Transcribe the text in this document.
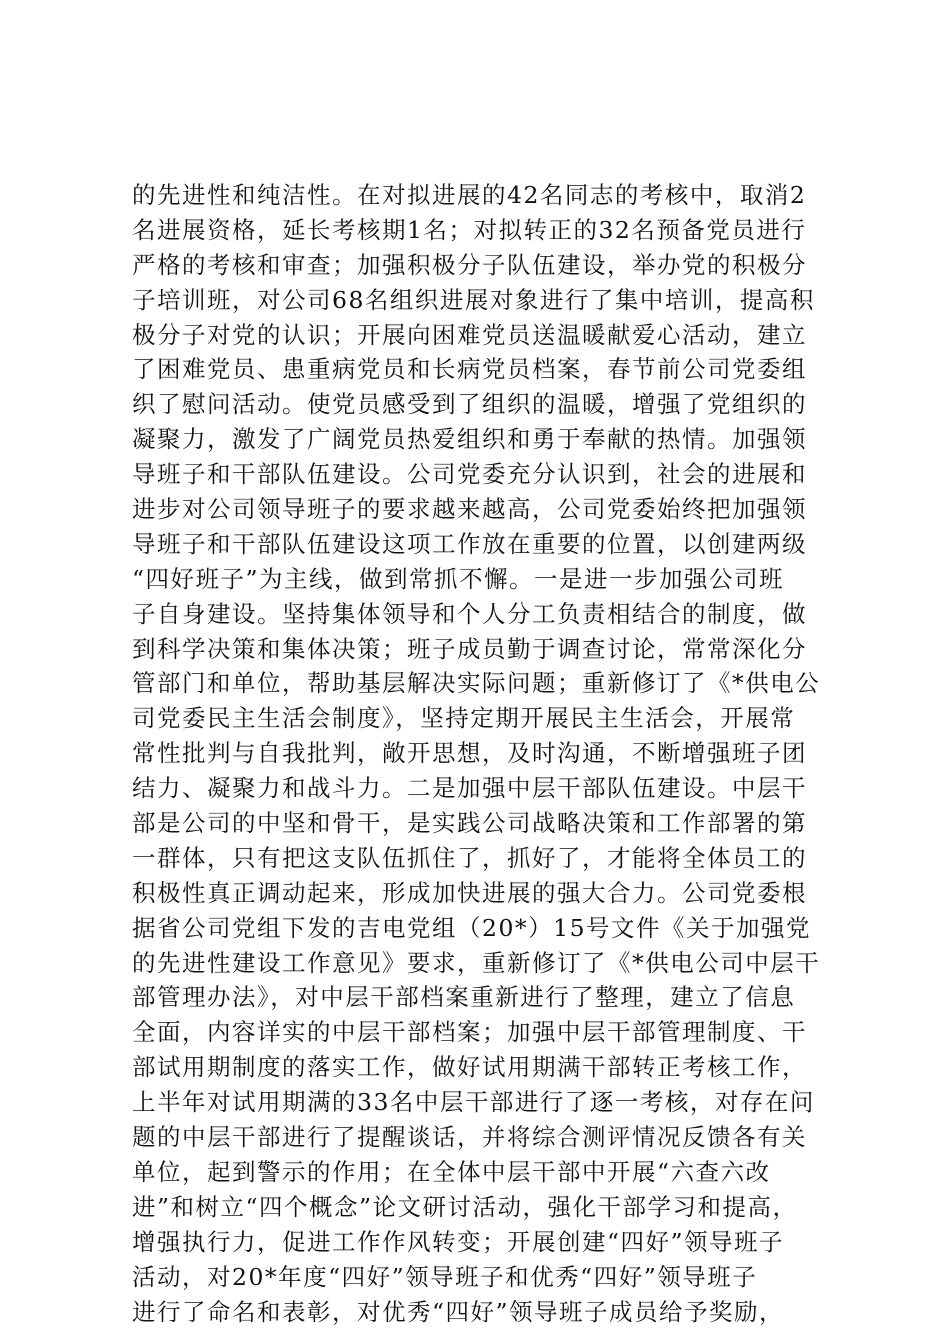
的先进性和纯洁性。在对拟进展的42名同志的考核中，取消2
名进展资格，延长考核期1名；对拟转正的32名预备党员进行
严格的考核和审查；加强积极分子队伍建设，举办党的积极分
子培训班，对公司68名组织进展对象进行了集中培训，提高积
极分子对党的认识；开展向困难党员送温暖献爱心活动，建立
了困难党员、患重病党员和长病党员档案，春节前公司党委组
织了慰问活动。使党员感受到了组织的温暖，增强了党组织的
凝聚力，激发了广阔党员热爱组织和勇于奉献的热情。加强领
导班子和干部队伍建设。公司党委充分认识到，社会的进展和
进步对公司领导班子的要求越来越高，公司党委始终把加强领
导班子和干部队伍建设这项工作放在重要的位置，以创建两级
“四好班子”为主线，做到常抓不懈。一是进一步加强公司班
子自身建设。坚持集体领导和个人分工负责相结合的制度，做
到科学决策和集体决策；班子成员勤于调查讨论，常常深化分
管部门和单位，帮助基层解决实际问题；重新修订了《*供电公
司党委民主生活会制度》，坚持定期开展民主生活会，开展常
常性批判与自我批判，敞开思想，及时沟通，不断增强班子团
结力、凝聚力和战斗力。二是加强中层干部队伍建设。中层干
部是公司的中坚和骨干，是实践公司战略决策和工作部署的第
一群体，只有把这支队伍抓住了，抓好了，才能将全体员工的
积极性真正调动起来，形成加快进展的强大合力。公司党委根
据省公司党组下发的吉电党组（20*）15号文件《关于加强党
的先进性建设工作意见》要求，重新修订了《*供电公司中层干
部管理办法》，对中层干部档案重新进行了整理，建立了信息
全面，内容详实的中层干部档案；加强中层干部管理制度、干
部试用期制度的落实工作，做好试用期满干部转正考核工作，
上半年对试用期满的33名中层干部进行了逐一考核，对存在问
题的中层干部进行了提醒谈话，并将综合测评情况反馈各有关
单位，起到警示的作用；在全体中层干部中开展“六查六改
进”和树立“四个概念”论文研讨活动，强化干部学习和提高，
增强执行力，促进工作作风转变；开展创建“四好”领导班子
活动，对20*年度“四好”领导班子和优秀“四好”领导班子
进行了命名和表彰，对优秀“四好”领导班子成员给予奖励，
